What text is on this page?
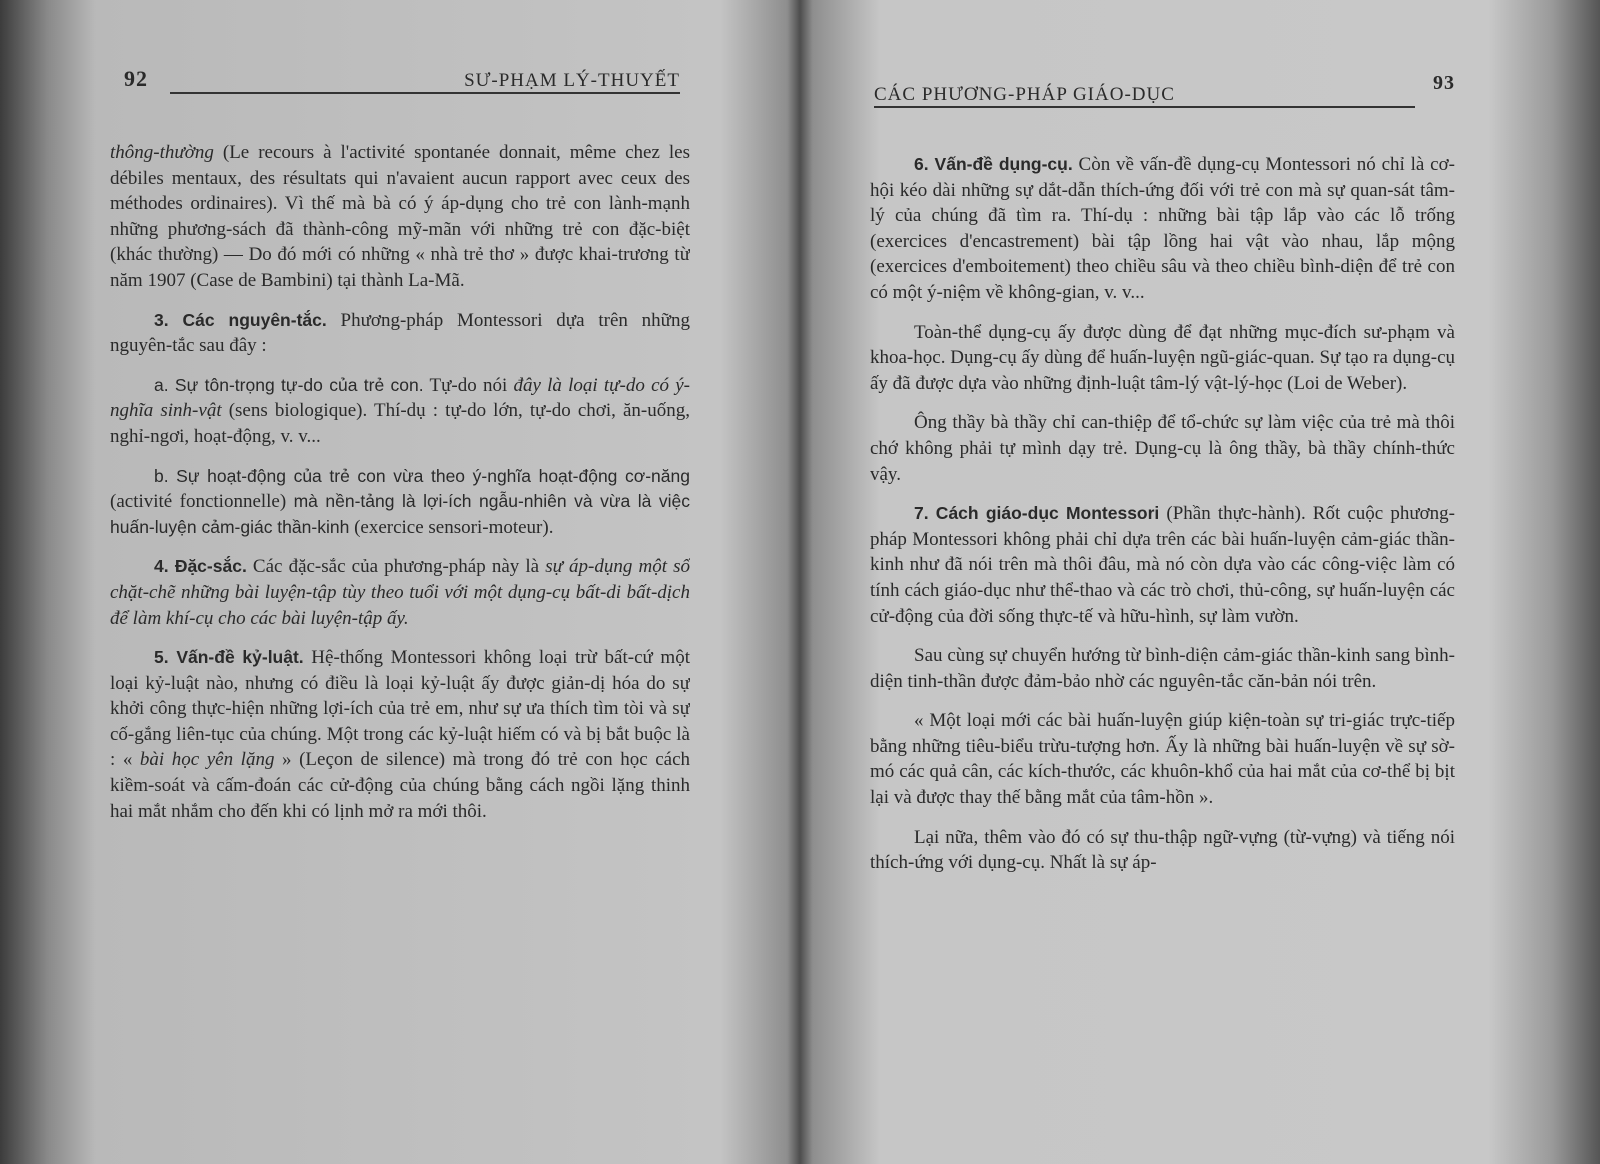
92	SƯ-PHẠM LÝ-THUYẾT

thông-thường (Le recours à l'activité spontanée donnait, même chez les débiles mentaux, des résultats qui n'avaient aucun rapport avec ceux des méthodes ordinaires). Vì thế mà bà có ý áp-dụng cho trẻ con lành-mạnh những phương-sách đã thành-công mỹ-mãn với những trẻ con đặc-biệt (khác thường) — Do đó mới có những « nhà trẻ thơ » được khai-trương từ năm 1907 (Case de Bambini) tại thành La-Mã.

3. Các nguyên-tắc. Phương-pháp Montessori dựa trên những nguyên-tắc sau đây :

a. Sự tôn-trọng tự-do của trẻ con. Tự-do nói đây là loại tự-do có ý-nghĩa sinh-vật (sens biologique). Thí-dụ : tự-do lớn, tự-do chơi, ăn-uống, nghỉ-ngơi, hoạt-động, v. v...

b. Sự hoạt-động của trẻ con vừa theo ý-nghĩa hoạt-động cơ-năng (activité fonctionnelle) mà nền-tảng là lợi-ích ngẫu-nhiên và vừa là việc huấn-luyện cảm-giác thần-kinh (exercice sensori-moteur).

4. Đặc-sắc. Các đặc-sắc của phương-pháp này là sự áp-dụng một số chặt-chẽ những bài luyện-tập tùy theo tuổi với một dụng-cụ bất-di bất-dịch để làm khí-cụ cho các bài luyện-tập ấy.

5. Vấn-đề kỷ-luật. Hệ-thống Montessori không loại trừ bất-cứ một loại kỷ-luật nào, nhưng có điều là loại kỷ-luật ấy được giản-dị hóa do sự khởi công thực-hiện những lợi-ích của trẻ em, như sự ưa thích tìm tòi và sự cố-gắng liên-tục của chúng. Một trong các kỷ-luật hiếm có và bị bắt buộc là : « bài học yên lặng » (Leçon de silence) mà trong đó trẻ con học cách kiềm-soát và cấm-đoán các cử-động của chúng bằng cách ngồi lặng thinh hai mắt nhắm cho đến khi có lịnh mở ra mới thôi.

CÁC PHƯƠNG-PHÁP GIÁO-DỤC
93

6. Vấn-đề dụng-cụ. Còn về vấn-đề dụng-cụ Montessori nó chỉ là cơ-hội kéo dài những sự dắt-dẫn thích-ứng đối với trẻ con mà sự quan-sát tâm-lý của chúng đã tìm ra. Thí-dụ : những bài tập lắp vào các lỗ trống (exercices d'encastrement) bài tập lồng hai vật vào nhau, lắp mộng (exercices d'emboitement) theo chiều sâu và theo chiều bình-diện để trẻ con có một ý-niệm về không-gian, v. v...

Toàn-thể dụng-cụ ấy được dùng để đạt những mục-đích sư-phạm và khoa-học. Dụng-cụ ấy dùng để huấn-luyện ngũ-giác-quan. Sự tạo ra dụng-cụ ấy đã được dựa vào những định-luật tâm-lý vật-lý-học (Loi de Weber).

Ông thầy bà thầy chỉ can-thiệp để tổ-chức sự làm việc của trẻ mà thôi chớ không phải tự mình dạy trẻ. Dụng-cụ là ông thầy, bà thầy chính-thức vậy.

7. Cách giáo-dục Montessori (Phần thực-hành). Rốt cuộc phương-pháp Montessori không phải chỉ dựa trên các bài huấn-luyện cảm-giác thần-kinh như đã nói trên mà thôi đâu, mà nó còn dựa vào các công-việc làm có tính cách giáo-dục như thể-thao và các trò chơi, thủ-công, sự huấn-luyện các cử-động của đời sống thực-tế và hữu-hình, sự làm vườn.

Sau cùng sự chuyển hướng từ bình-diện cảm-giác thần-kinh sang bình-diện tinh-thần được đảm-bảo nhờ các nguyên-tắc căn-bản nói trên.

« Một loại mới các bài huấn-luyện giúp kiện-toàn sự tri-giác trực-tiếp bằng những tiêu-biểu trừu-tượng hơn. Ấy là những bài huấn-luyện về sự sờ-mó các quả cân, các kích-thước, các khuôn-khổ của hai mắt của cơ-thể bị bịt lại và được thay thế bằng mắt của tâm-hồn ».

Lại nữa, thêm vào đó có sự thu-thập ngữ-vựng (từ-vựng) và tiếng nói thích-ứng với dụng-cụ. Nhất là sự áp-
